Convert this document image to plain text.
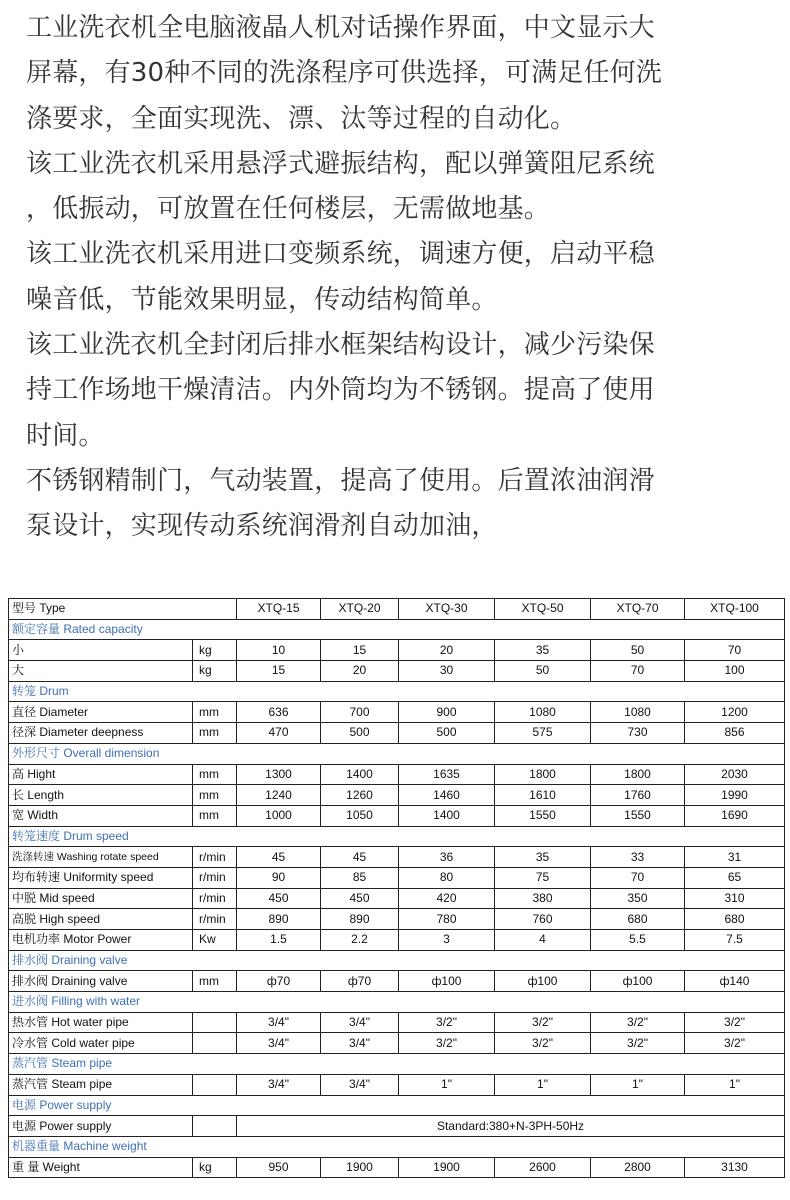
工业洗衣机全电脑液晶人机对话操作界面，中文显示大
屏幕，有30种不同的洗涤程序可供选择，可满足任何洗
涤要求，全面实现洗、漂、汰等过程的自动化。

该工业洗衣机采用悬浮式避振结构，配以弹簧阻尼系统
，低振动，可放置在任何楼层，无需做地基。

该工业洗衣机采用进口变频系统，调速方便，启动平稳
噪音低，节能效果明显，传动结构简单。

该工业洗衣机全封闭后排水框架结构设计，减少污染保
持工作场地干燥清洁。内外筒均为不锈钢。提高了使用
时间。

不锈钢精制门，气动装置，提高了使用。后置浓油润滑
泵设计，实现传动系统润滑剂自动加油，

型号 Type		XTQ-15	XTQ-20	XTQ-30	XTQ-50	XTQ-70	XTQ-100
额定容量 Rated capacity							
小	kg	10	15	20	35	50	70
大	kg	15	20	30	50	70	100
转笼 Drum							
直径 Diameter	mm	636	700	900	1080	1080	1200
径深 Diameter deepness	mm	470	500	500	575	730	856
外形尺寸 Overall dimension							
高 Hight	mm	1300	1400	1635	1800	1800	2030
长 Length	mm	1240	1260	1460	1610	1760	1990
宽 Width	mm	1000	1050	1400	1550	1550	1690
转笼速度 Drum speed							
洗涤转速 Washing rotate speed	r/min	45	45	36	35	33	31
均布转速 Uniformity speed	r/min	90	85	80	75	70	65
中脱 Mid speed	r/min	450	450	420	380	350	310
高脱 High speed	r/min	890	890	780	760	680	680
电机功率 Motor Power	Kw	1.5	2.2	3	4	5.5	7.5
排水阀 Draining valve							
排水阀 Draining valve	mm	ф70	ф70	ф100	ф100	ф100	ф140
进水阀 Filling with water							
热水管 Hot water pipe		3/4"	3/4"	3/2"	3/2"	3/2"	3/2"
冷水管 Cold water pipe		3/4"	3/4"	3/2"	3/2"	3/2"	3/2"
蒸汽管 Steam pipe							
蒸汽管 Steam pipe		3/4"	3/4"	1"	1"	1"	1"
电源 Power supply							
电源 Power supply		Standard:380+N-3PH-50Hz					
机器重量 Machine weight							
重 量 Weight	kg	950	1900	1900	2600	2800	3130
